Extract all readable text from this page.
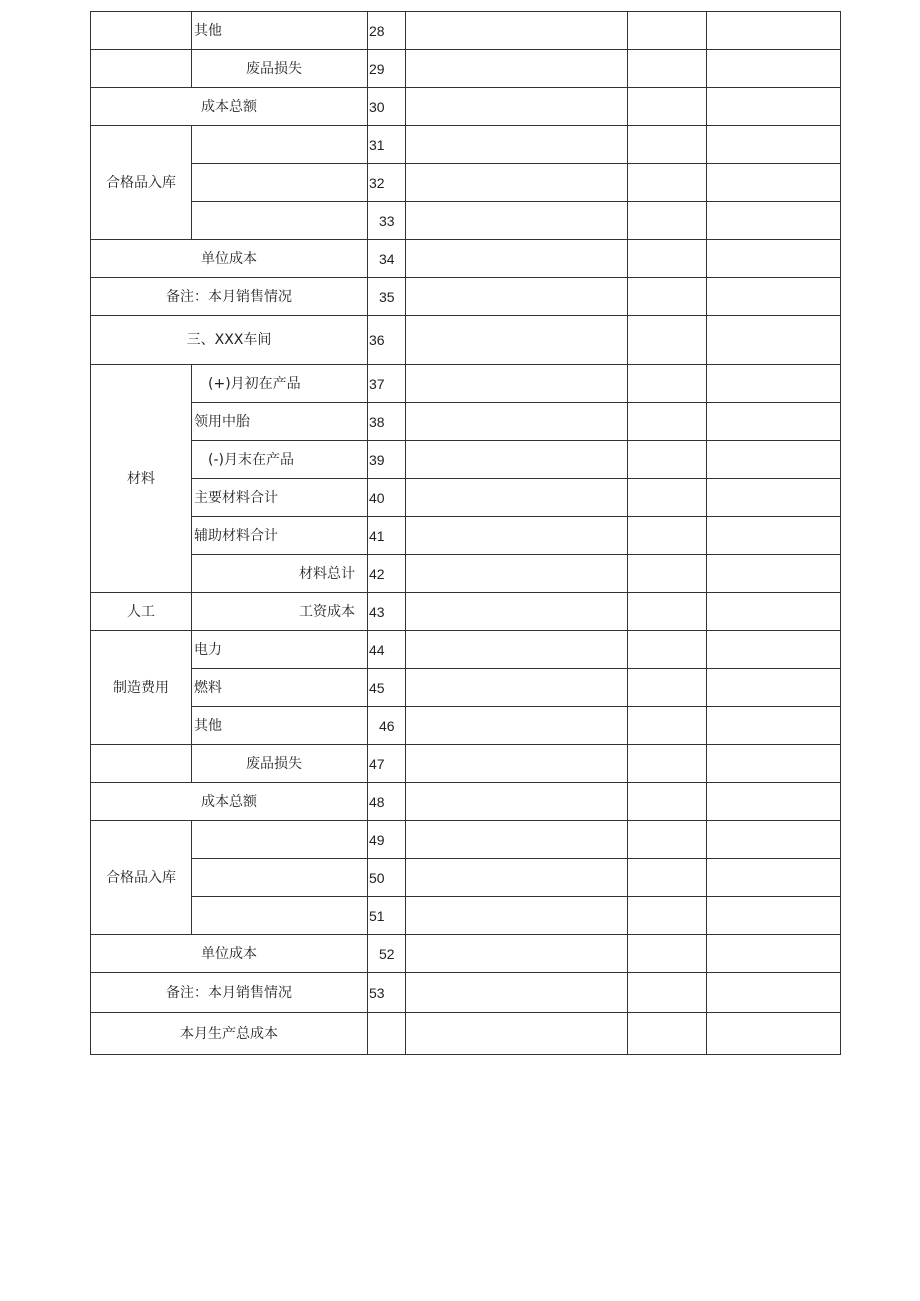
	其他	28			
	废品损失	29			
成本总额		30			
合格品入库		31			
		32			
		33			
单位成本		34			
备注：本月销售情况		35			
三、XXX车间		36			
材料	(+)月初在产品	37			
	领用中胎	38			
	(-)月末在产品	39			
	主要材料合计	40			
	辅助材料合计	41			
	材料总计	42			
人工	工资成本	43			
制造费用	电力	44			
	燃料	45			
	其他	46			
	废品损失	47			
成本总额		48			
合格品入库		49			
		50			
		51			
单位成本		52			
备注：本月销售情况		53			
本月生产总成本					
